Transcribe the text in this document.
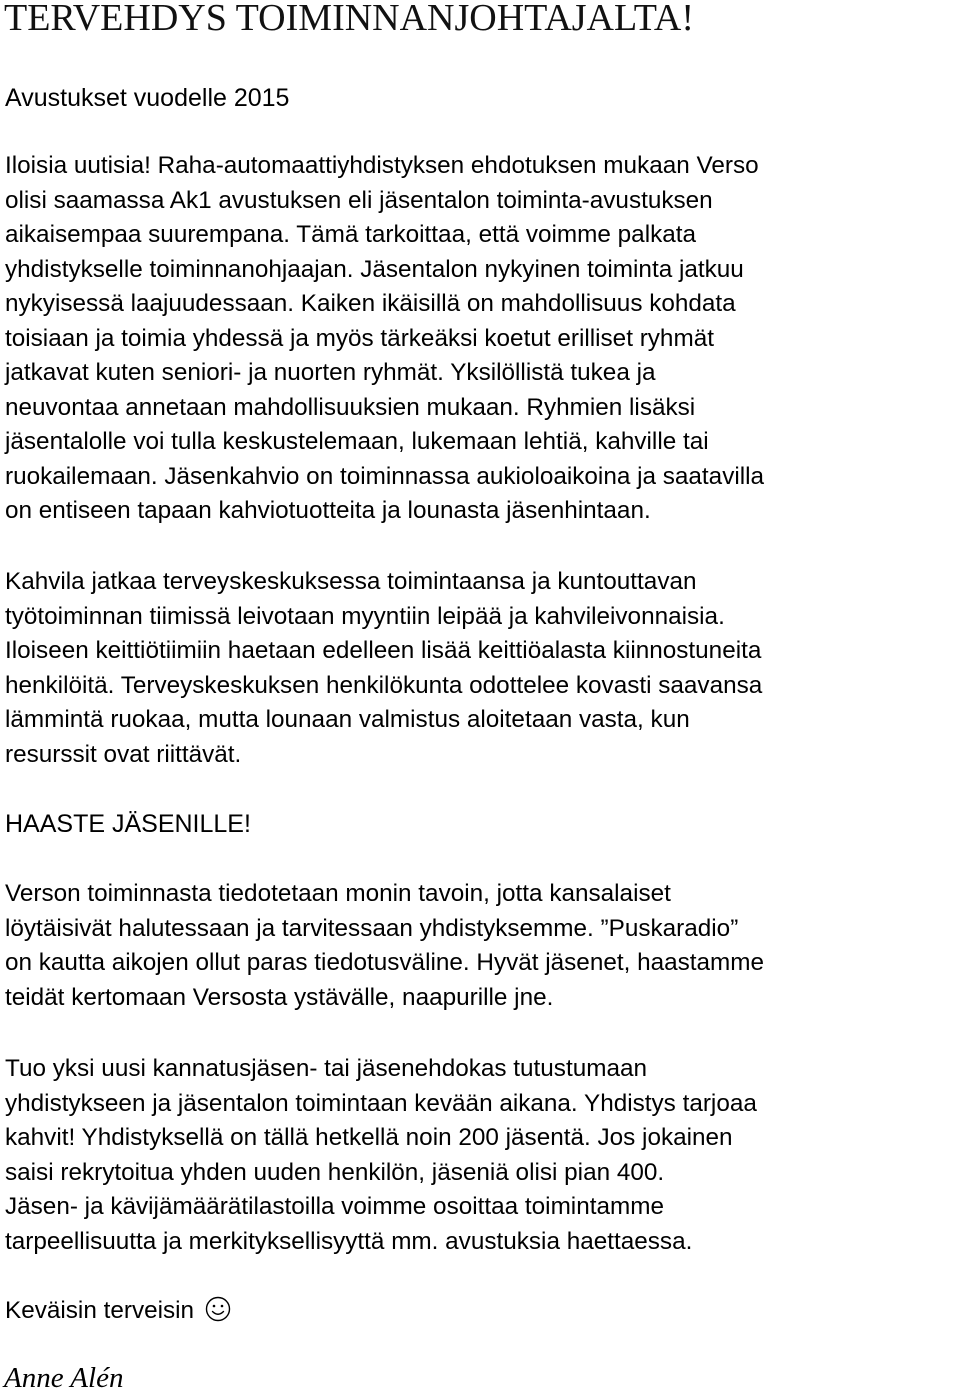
TERVEHDYS TOIMINNANJOHTAJALTA!
Avustukset vuodelle 2015

Iloisia uutisia! Raha-automaattiyhdistyksen ehdotuksen mukaan Verso
olisi saamassa Ak1 avustuksen eli jäsentalon toiminta-avustuksen
aikaisempaa suurempana. Tämä tarkoittaa, että voimme palkata
yhdistykselle toiminnanohjaajan. Jäsentalon nykyinen toiminta jatkuu
nykyisessä laajuudessaan. Kaiken ikäisillä on mahdollisuus kohdata
toisiaan ja toimia yhdessä ja myös tärkeäksi koetut erilliset ryhmät
jatkavat kuten seniori- ja nuorten ryhmät. Yksilöllistä tukea ja
neuvontaa annetaan mahdollisuuksien mukaan. Ryhmien lisäksi
jäsentalolle voi tulla keskustelemaan, lukemaan lehtiä, kahville tai
ruokailemaan. Jäsenkahvio on toiminnassa aukioloaikoina ja saatavilla
on entiseen tapaan kahviotuotteita ja lounasta jäsenhintaan.

Kahvila jatkaa terveyskeskuksessa toimintaansa ja kuntouttavan
työtoiminnan tiimissä leivotaan myyntiin leipää ja kahvileivonnaisia.
Iloiseen keittiötiimiin haetaan edelleen lisää keittiöalasta kiinnostuneita
henkilöitä. Terveyskeskuksen henkilökunta odottelee kovasti saavansa
lämmintä ruokaa, mutta lounaan valmistus aloitetaan vasta, kun
resurssit ovat riittävät.

HAASTE JÄSENILLE!

Verson toiminnasta tiedotetaan monin tavoin, jotta kansalaiset
löytäisivät halutessaan ja tarvitessaan yhdistyksemme. ”Puskaradio”
on kautta aikojen ollut paras tiedotusväline. Hyvät jäsenet, haastamme
teidät kertomaan Versosta ystävälle, naapurille jne.

Tuo yksi uusi kannatusjäsen- tai jäsenehdokas tutustumaan
yhdistykseen ja jäsentalon toimintaan kevään aikana. Yhdistys tarjoaa
kahvit! Yhdistyksellä on tällä hetkellä noin 200 jäsentä. Jos jokainen
saisi rekrytoitua yhden uuden henkilön, jäseniä olisi pian 400.
Jäsen- ja kävijämäärätilastoilla voimme osoittaa toimintamme
tarpeellisuutta ja merkityksellisyyttä mm. avustuksia haettaessa.

Keväisin terveisin

Anne Alén
